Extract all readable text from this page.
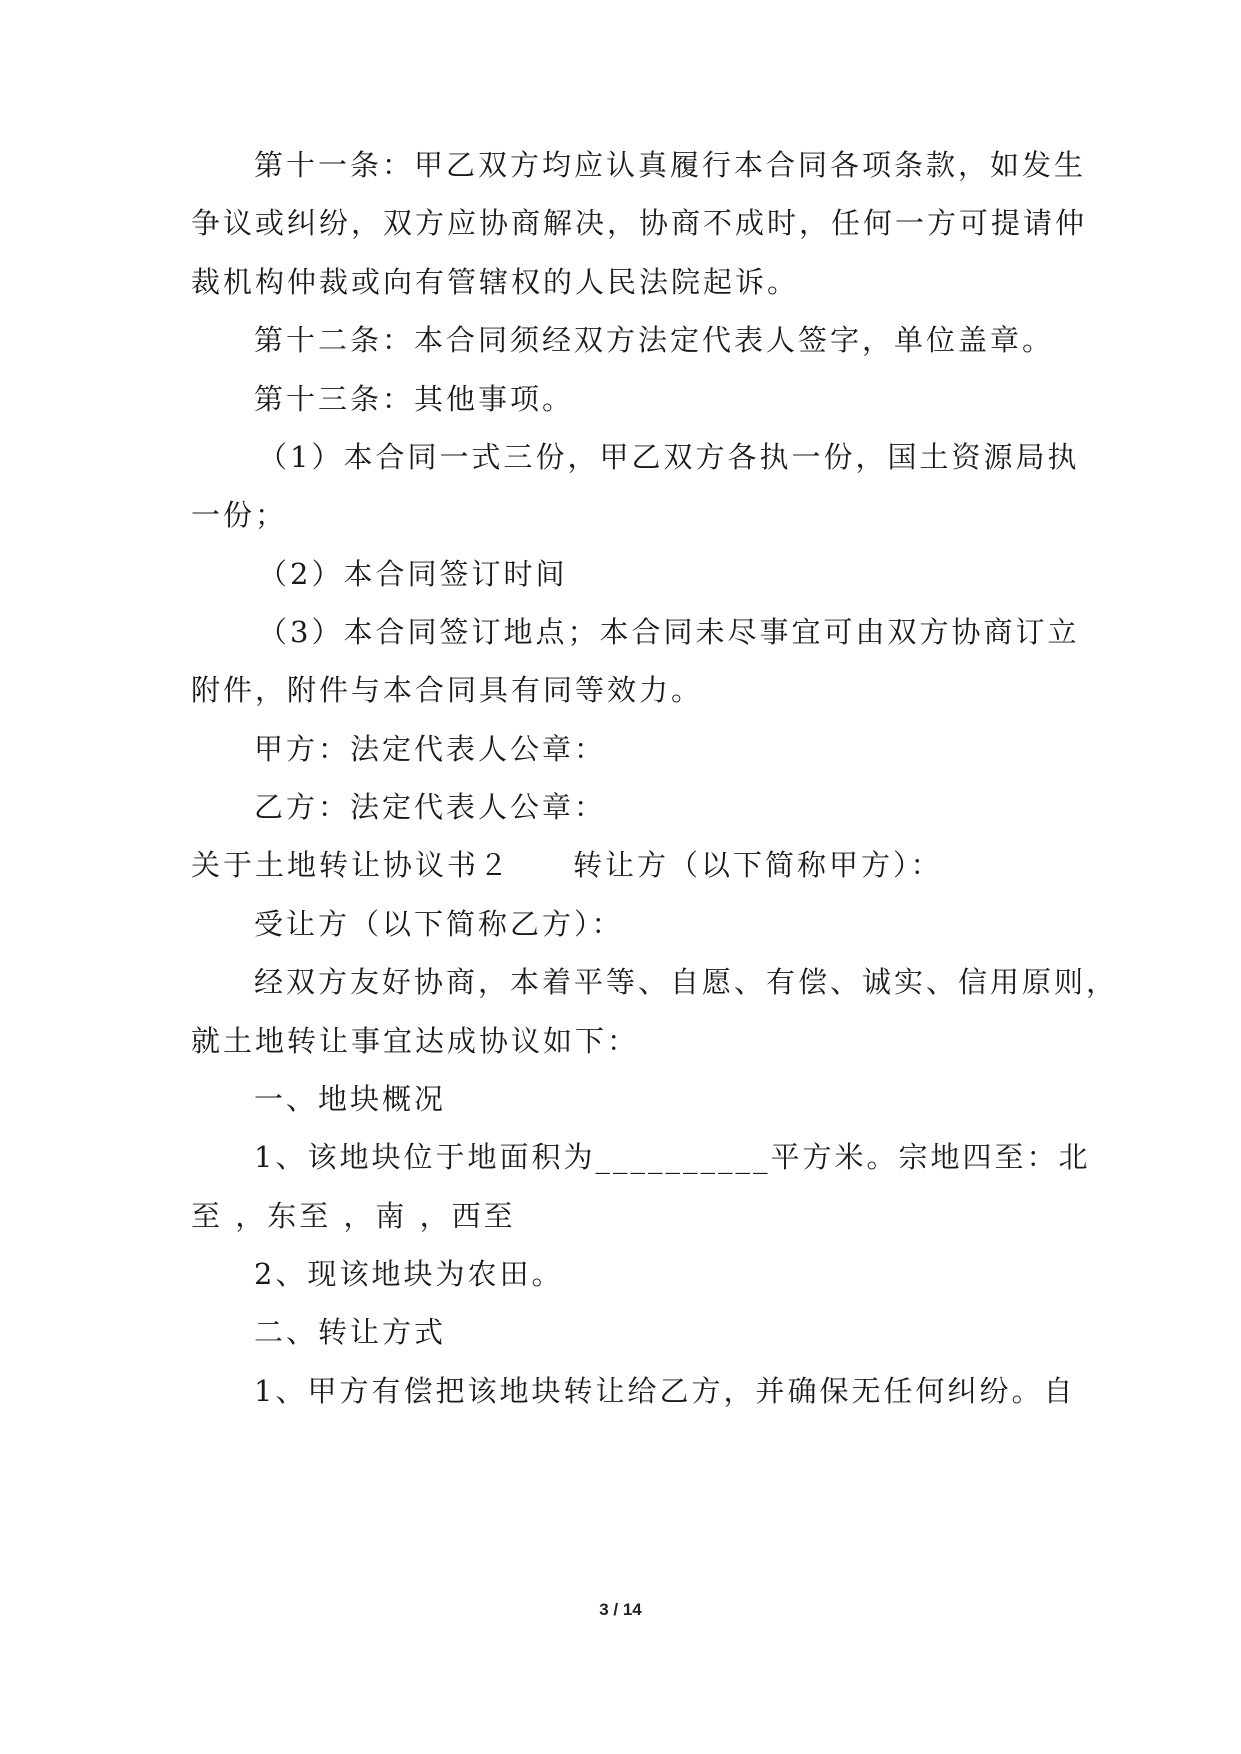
第十一条：甲乙双方均应认真履行本合同各项条款，如发生
争议或纠纷，双方应协商解决，协商不成时，任何一方可提请仲
裁机构仲裁或向有管辖权的人民法院起诉。
第十二条：本合同须经双方法定代表人签字，单位盖章。
第十三条：其他事项。
（1）本合同一式三份，甲乙双方各执一份，国土资源局执
一份；
（2）本合同签订时间
（3）本合同签订地点；本合同未尽事宜可由双方协商订立
附件，附件与本合同具有同等效力。
甲方：法定代表人公章：
乙方：法定代表人公章：
关于土地转让协议书２ 转让方（以下简称甲方）：
受让方（以下简称乙方）：
经双方友好协商，本着平等、自愿、有偿、诚实、信用原则，
就土地转让事宜达成协议如下：
一、地块概况
1、该地块位于地面积为__________平方米。宗地四至：北
至 ，东至 ，南 ，西至
2、现该地块为农田。
二、转让方式
1、甲方有偿把该地块转让给乙方，并确保无任何纠纷。自
3 / 14
